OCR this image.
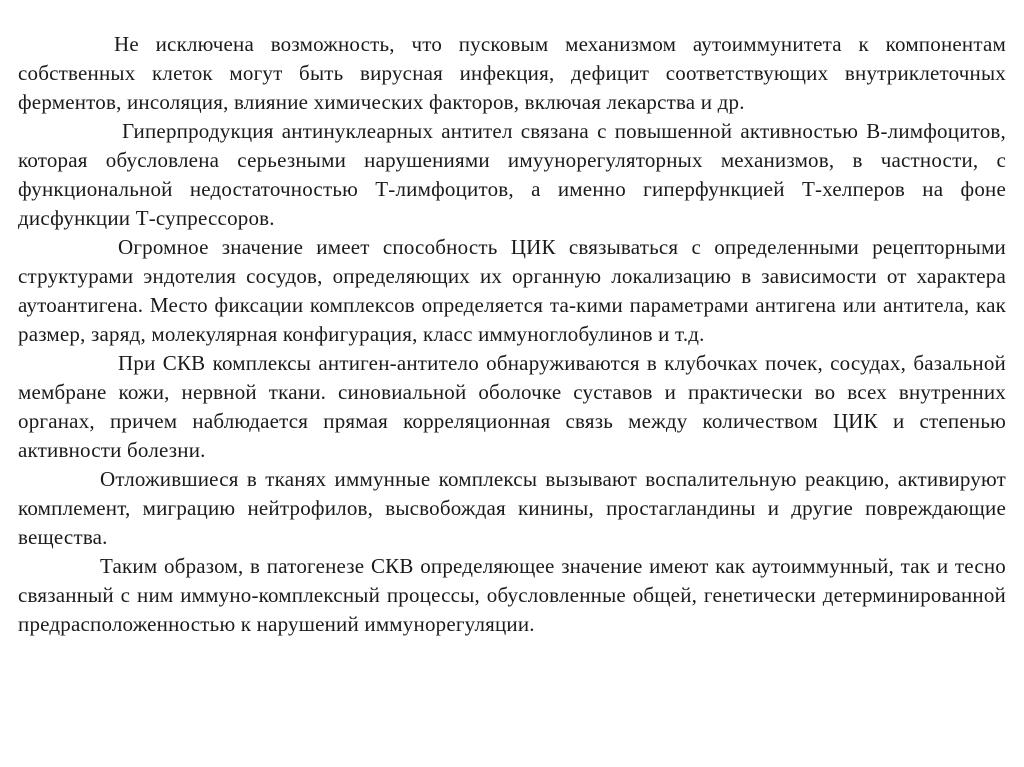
Не исключена возможность, что пусковым механизмом аутоиммунитета к компонентам собственных клеток могут быть вирусная инфекция, дефицит соответствующих внутриклеточных ферментов, инсоляция, влияние химических факторов, включая лекарства и др.

Гиперпродукция антинуклеарных антител связана с повышенной активностью В-лимфоцитов, которая обусловлена серьезными нарушениями имуунорегуляторных механизмов, в частности, с функциональной недостаточностью Т-лимфоцитов, а именно гиперфункцией Т-хелперов на фоне дисфункции Т-супрессоров.

Огромное значение имеет способность ЦИК связываться с определенными рецепторными структурами эндотелия сосудов, определяющих их органную локализацию в зависимости от характера аутоантигена. Место фиксации комплексов определяется та-кими параметрами антигена или антитела, как размер, заряд, молекулярная конфигурация, класс иммуноглобулинов и т.д.

При СКВ комплексы антиген-антитело обнаруживаются в клубочках почек, сосудах, базальной мембране кожи, нервной ткани. синовиальной оболочке суставов и практически во всех внутренних органах, причем наблюдается прямая корреляционная связь между количеством ЦИК и степенью активности болезни.

Отложившиеся в тканях иммунные комплексы вызывают воспалительную реакцию, активируют комплемент, миграцию нейтрофилов, высвобождая кинины, простагландины и другие повреждающие вещества.

Таким образом, в патогенезе СКВ определяющее значение имеют как аутоиммунный, так и тесно связанный с ним иммуно-комплексный процессы, обусловленные общей, генетически детерминированной предрасположенностью к нарушений иммунорегуляции.
